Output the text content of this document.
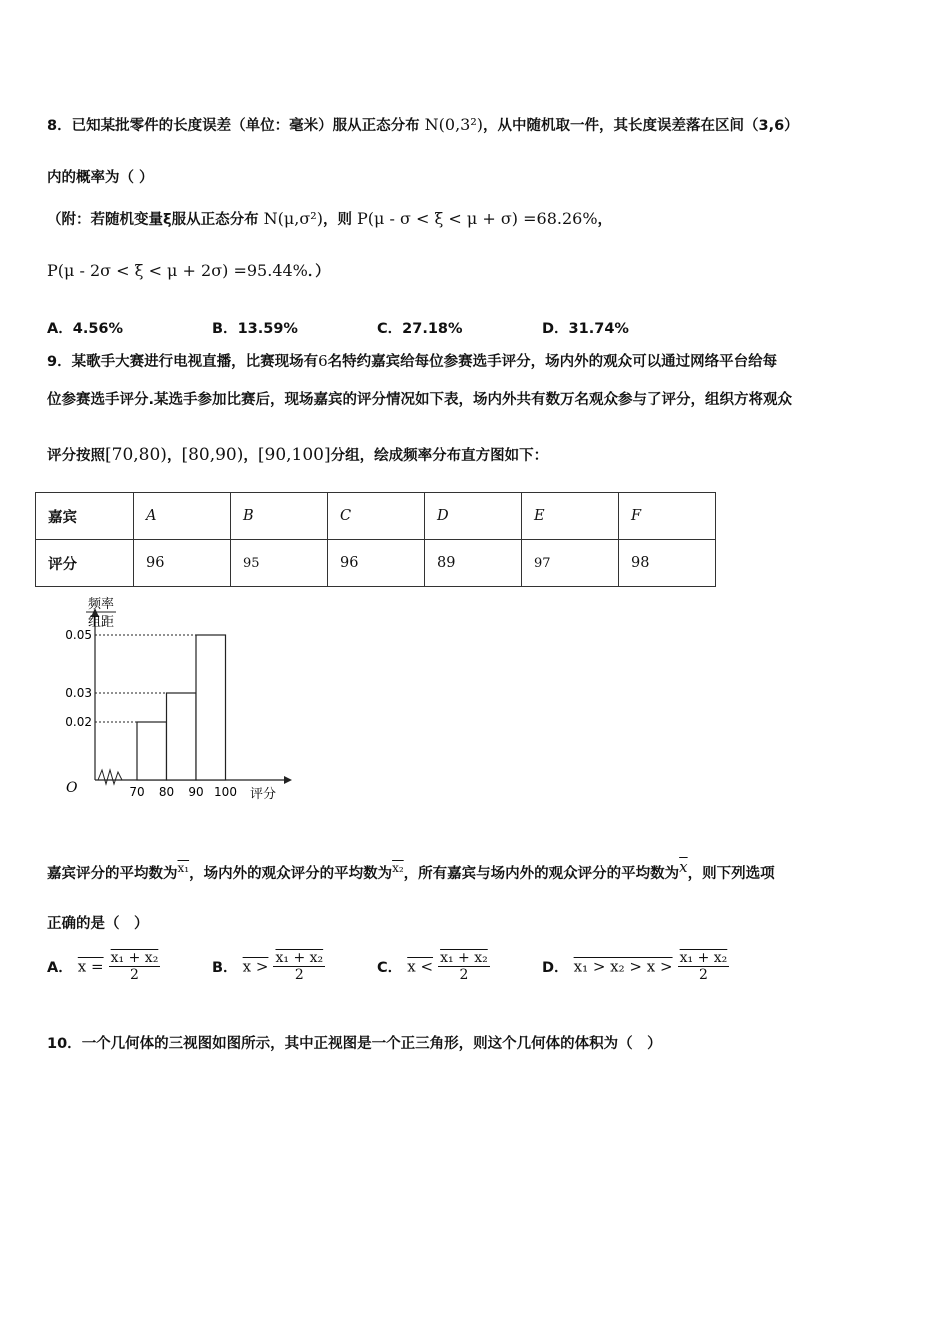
8．已知某批零件的长度误差（单位：毫米）服从正态分布 N(0,3²)，从中随机取一件，其长度误差落在区间（3,6）
内的概率为（ ）
（附：若随机变量ξ服从正态分布 N(μ,σ²)，则 P(μ - σ < ξ < μ + σ) =68.26%，
P(μ - 2σ < ξ < μ + 2σ) =95.44%．）
A．4.56%	B．13.59%	C．27.18%	D．31.74%
9．某歌手大赛进行电视直播，比赛现场有6名特约嘉宾给每位参赛选手评分，场内外的观众可以通过网络平台给每
位参赛选手评分.某选手参加比赛后，现场嘉宾的评分情况如下表，场内外共有数万名观众参与了评分，组织方将观众
评分按照[70,80)，[80,90)，[90,100]分组，绘成频率分布直方图如下：
嘉宾	A	B	C	D	E	F
评分	96	95	96	89	97	98
0.02
0.03
0.05
70 80 90 100
频率
组距
评分
O
嘉宾评分的平均数为$^{x_1}$，场内外的观众评分的平均数为$^{x_2}$，所有嘉宾与场内外的观众评分的平均数为$\overline{x}$，则下列选项
正确的是（　）
A． $x = \frac{\text{x₁ + x₂}}{2}$	B． $x > \frac{\text{x₁ + x₂}}{2}$	C． $x < \frac{\text{x₁ + x₂}}{2}$	D． $x_1 > x_2 > x > \frac{\text{x₁ + x₂}}{2}$
10．一个几何体的三视图如图所示，其中正视图是一个正三角形，则这个几何体的体积为（　）
